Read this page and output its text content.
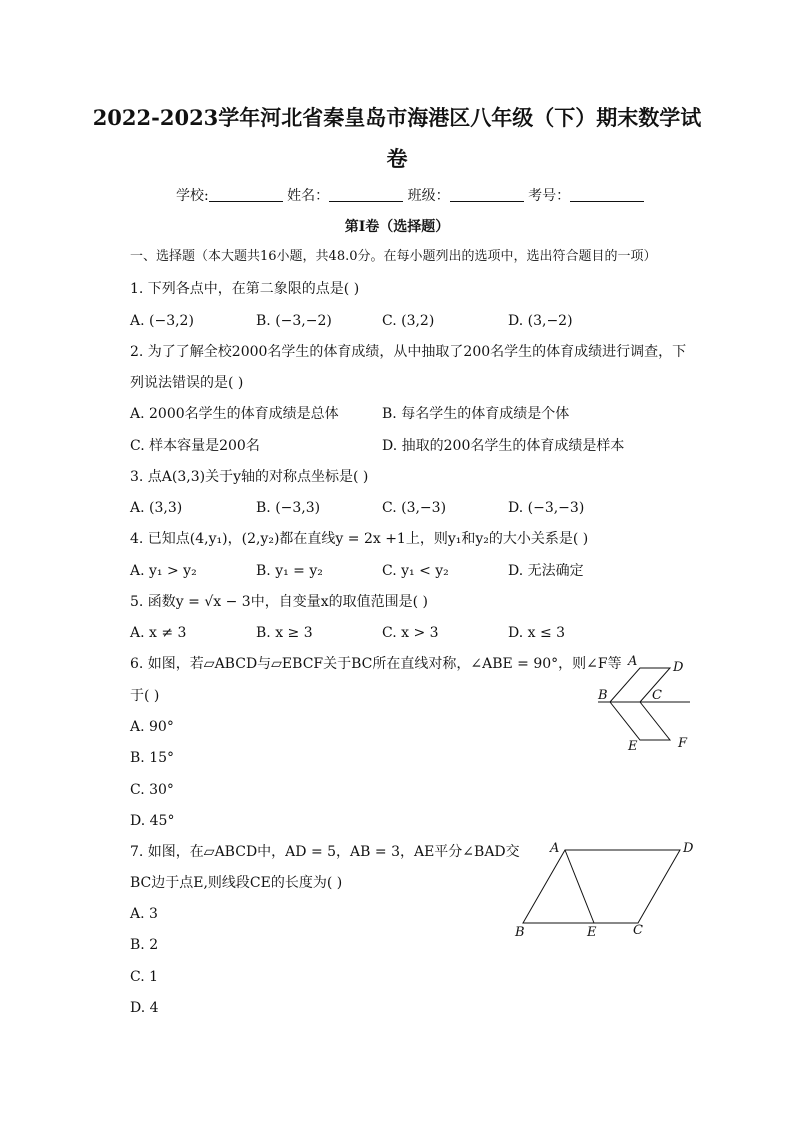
2022-2023学年河北省秦皇岛市海港区八年级（下）期末数学试
卷
学校:	姓名：	班级：	考号：
第I卷（选择题）
一、选择题（本大题共16小题，共48.0分。在每小题列出的选项中，选出符合题目的一项）
1. 下列各点中，在第二象限的点是( )
A. (−3,2)	B. (−3,−2)	C. (3,2)	D. (3,−2)
2. 为了了解全校2000名学生的体育成绩，从中抽取了200名学生的体育成绩进行调查，下
列说法错误的是( )
A. 2000名学生的体育成绩是总体	B. 每名学生的体育成绩是个体
C. 样本容量是200名	D. 抽取的200名学生的体育成绩是样本
3. 点A(3,3)关于y轴的对称点坐标是( )
A. (3,3)	B. (−3,3)	C. (3,−3)	D. (−3,−3)
4. 已知点(4,y₁)，(2,y₂)都在直线y = 2x +1上，则y₁和y₂的大小关系是( )
A. y₁ > y₂	B. y₁ = y₂	C. y₁ < y₂	D. 无法确定
5. 函数y = √x − 3中，自变量x的取值范围是( )
A. x ≠ 3	B. x ≥ 3	C. x > 3	D. x ≤ 3
6. 如图，若▱ABCD与▱EBCF关于BC所在直线对称，∠ABE = 90°，则∠F等
于( )
A. 90°
B. 15°
C. 30°
D. 45°
A	D
B	C
E	F
7. 如图，在▱ABCD中，AD = 5，AB = 3，AE平分∠BAD交
BC边于点E,则线段CE的长度为( )
A. 3
B. 2
C. 1
D. 4
A	D
B	E	C
